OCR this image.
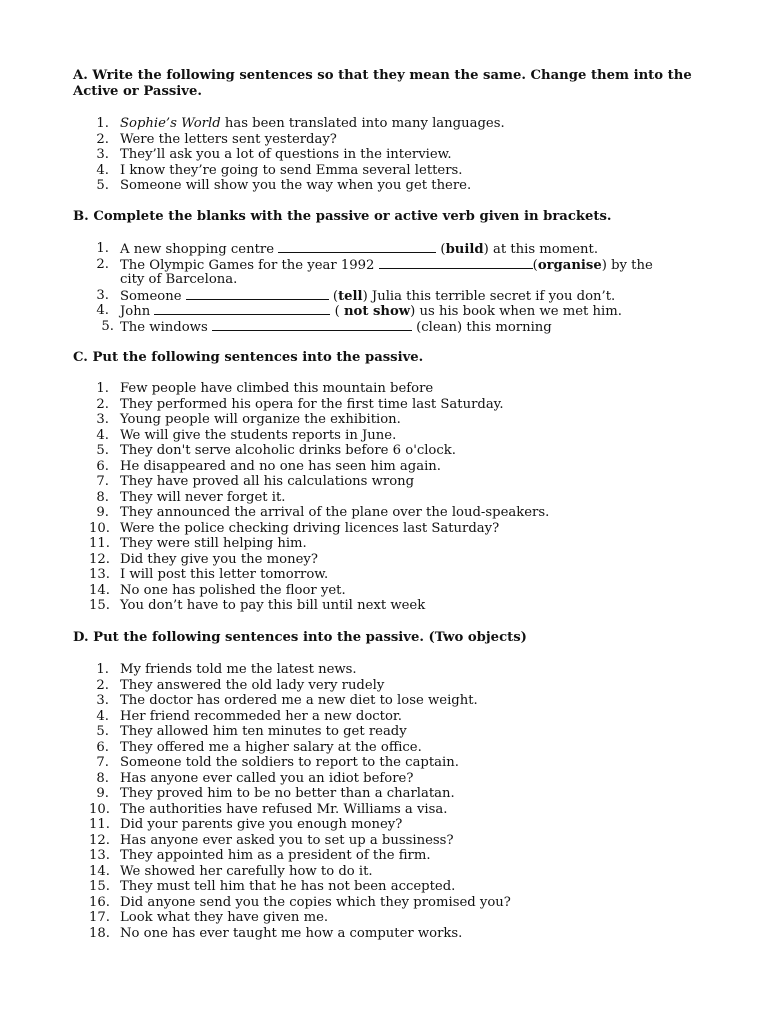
A. Write the following sentences so that they mean the same. Change them into the Active or Passive.
1. Sophie’s World has been translated into many languages.
2. Were the letters sent yesterday?
3. They’ll ask you a lot of questions in the interview.
4. I know they’re going to send Emma several letters.
5. Someone will show you the way when you get there.
B. Complete the blanks with the passive or active verb given in brackets.
1. A new shopping centre	(build) at this moment.
2. The Olympic Games for the year 1992	(organise) by the
city of Barcelona.
3. Someone	(tell) Julia this terrible secret if you don’t.
4. John	( not show) us his book when we met him.
5. The windows	(clean) this morning
C. Put the following sentences into the passive.
1. Few people have climbed this mountain before
2. They performed his opera for the first time last Saturday.
3. Young people will organize the exhibition.
4. We will give the students reports in June.
5. They don't serve alcoholic drinks before 6 o'clock.
6. He disappeared and no one has seen him again.
7. They have proved all his calculations wrong
8. They will never forget it.
9. They announced the arrival of the plane over the loud-speakers.
10. Were the police checking driving licences last Saturday?
11. They were still helping him.
12. Did they give you the money?
13. I will post this letter tomorrow.
14. No one has polished the floor yet.
15. You don’t have to pay this bill until next week
D. Put the following sentences into the passive. (Two objects)
1. My friends told me the latest news.
2. They answered the old lady very rudely
3. The doctor has ordered me a new diet to lose weight.
4. Her friend recommeded her a new doctor.
5. They allowed him ten minutes to get ready
6. They offered me a higher salary at the office.
7. Someone told the soldiers to report to the captain.
8. Has anyone ever called you an idiot before?
9. They proved him to be no better than a charlatan.
10. The authorities have refused Mr. Williams a visa.
11. Did your parents give you enough money?
12. Has anyone ever asked you to set up a bussiness?
13. They appointed him as a president of the firm.
14. We showed her carefully how to do it.
15. They must tell him that he has not been accepted.
16. Did anyone send you the copies which they promised you?
17. Look what they have given me.
18. No one has ever taught me how a computer works.
